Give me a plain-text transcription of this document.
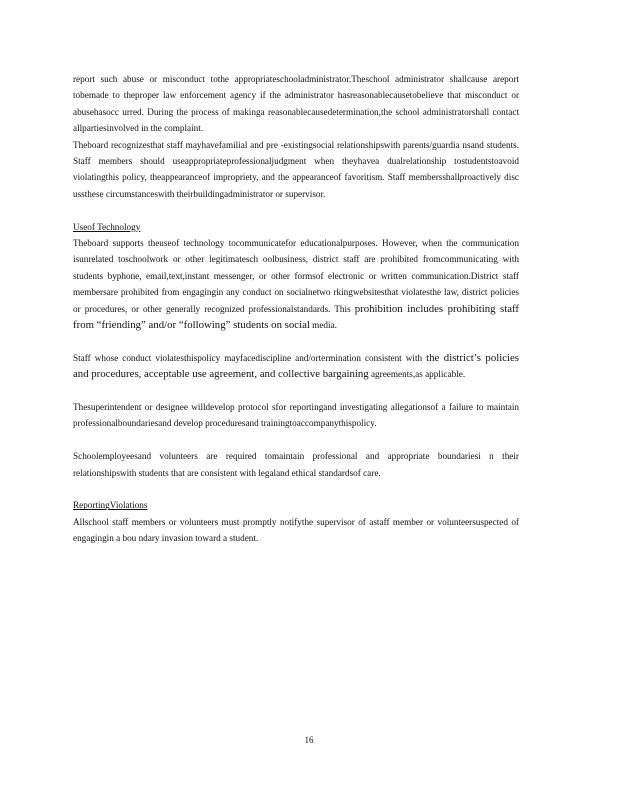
report such abuse or misconduct tothe appropriateschooladministrator.Theschool administrator shallcause areport tobemade to theproper law enforcement agency if the administrator hasreasonablecausetobelieve that misconduct or abusehasocc urred. During the process of makinga reasonablecausedetermination,the school administratorshall contact allpartiesinvolved in the complaint.

Theboard recognizesthat staff mayhavefamilial and pre -existingsocial relationshipswith parents/guardia nsand students. Staff members should useappropriateprofessionaljudgment when theyhavea dualrelationship tostudentstoavoid violatingthis policy, theappearanceof impropriety, and the appearanceof favoritism. Staff membersshallproactively disc ussthese circumstanceswith theirbuildingadministrator or supervisor.

Useof Technology

Theboard supports theuseof technology tocommunicatefor educationalpurposes. However, when the communication isunrelated toschoolwork or other legitimatesch oolbusiness, district staff are prohibited fromcommunicating with students byphone, email,text,instant messenger, or other formsof electronic or written communication.District staff membersare prohibited from engagingin any conduct on socialnetwo rkingwebsitesthat violatesthe law, district policies or procedures, or other generally recognized professionalstandards. This prohibition includes prohibiting staff from “friending” and/or “following” students on social media.

Staff whose conduct violatesthispolicy mayfacediscipline and/ortermination consistent with the district’s policies and procedures, acceptable use agreement, and collective bargaining agreements,as applicable.

Thesuperintendent or designee willdevelop protocol sfor reportingand investigating allegationsof a failure to maintain professionalboundariesand develop proceduresand trainingtoaccompanythispolicy.

Schoolemployeesand volunteers are required tomaintain professional and appropriate boundariesi n their relationshipswith students that are consistent with legaland ethical standardsof care.

ReportingViolations

Allschool staff members or volunteers must promptly notifythe supervisor of astaff member or volunteersuspected of engagingin a bou ndary invasion toward a student.

16
